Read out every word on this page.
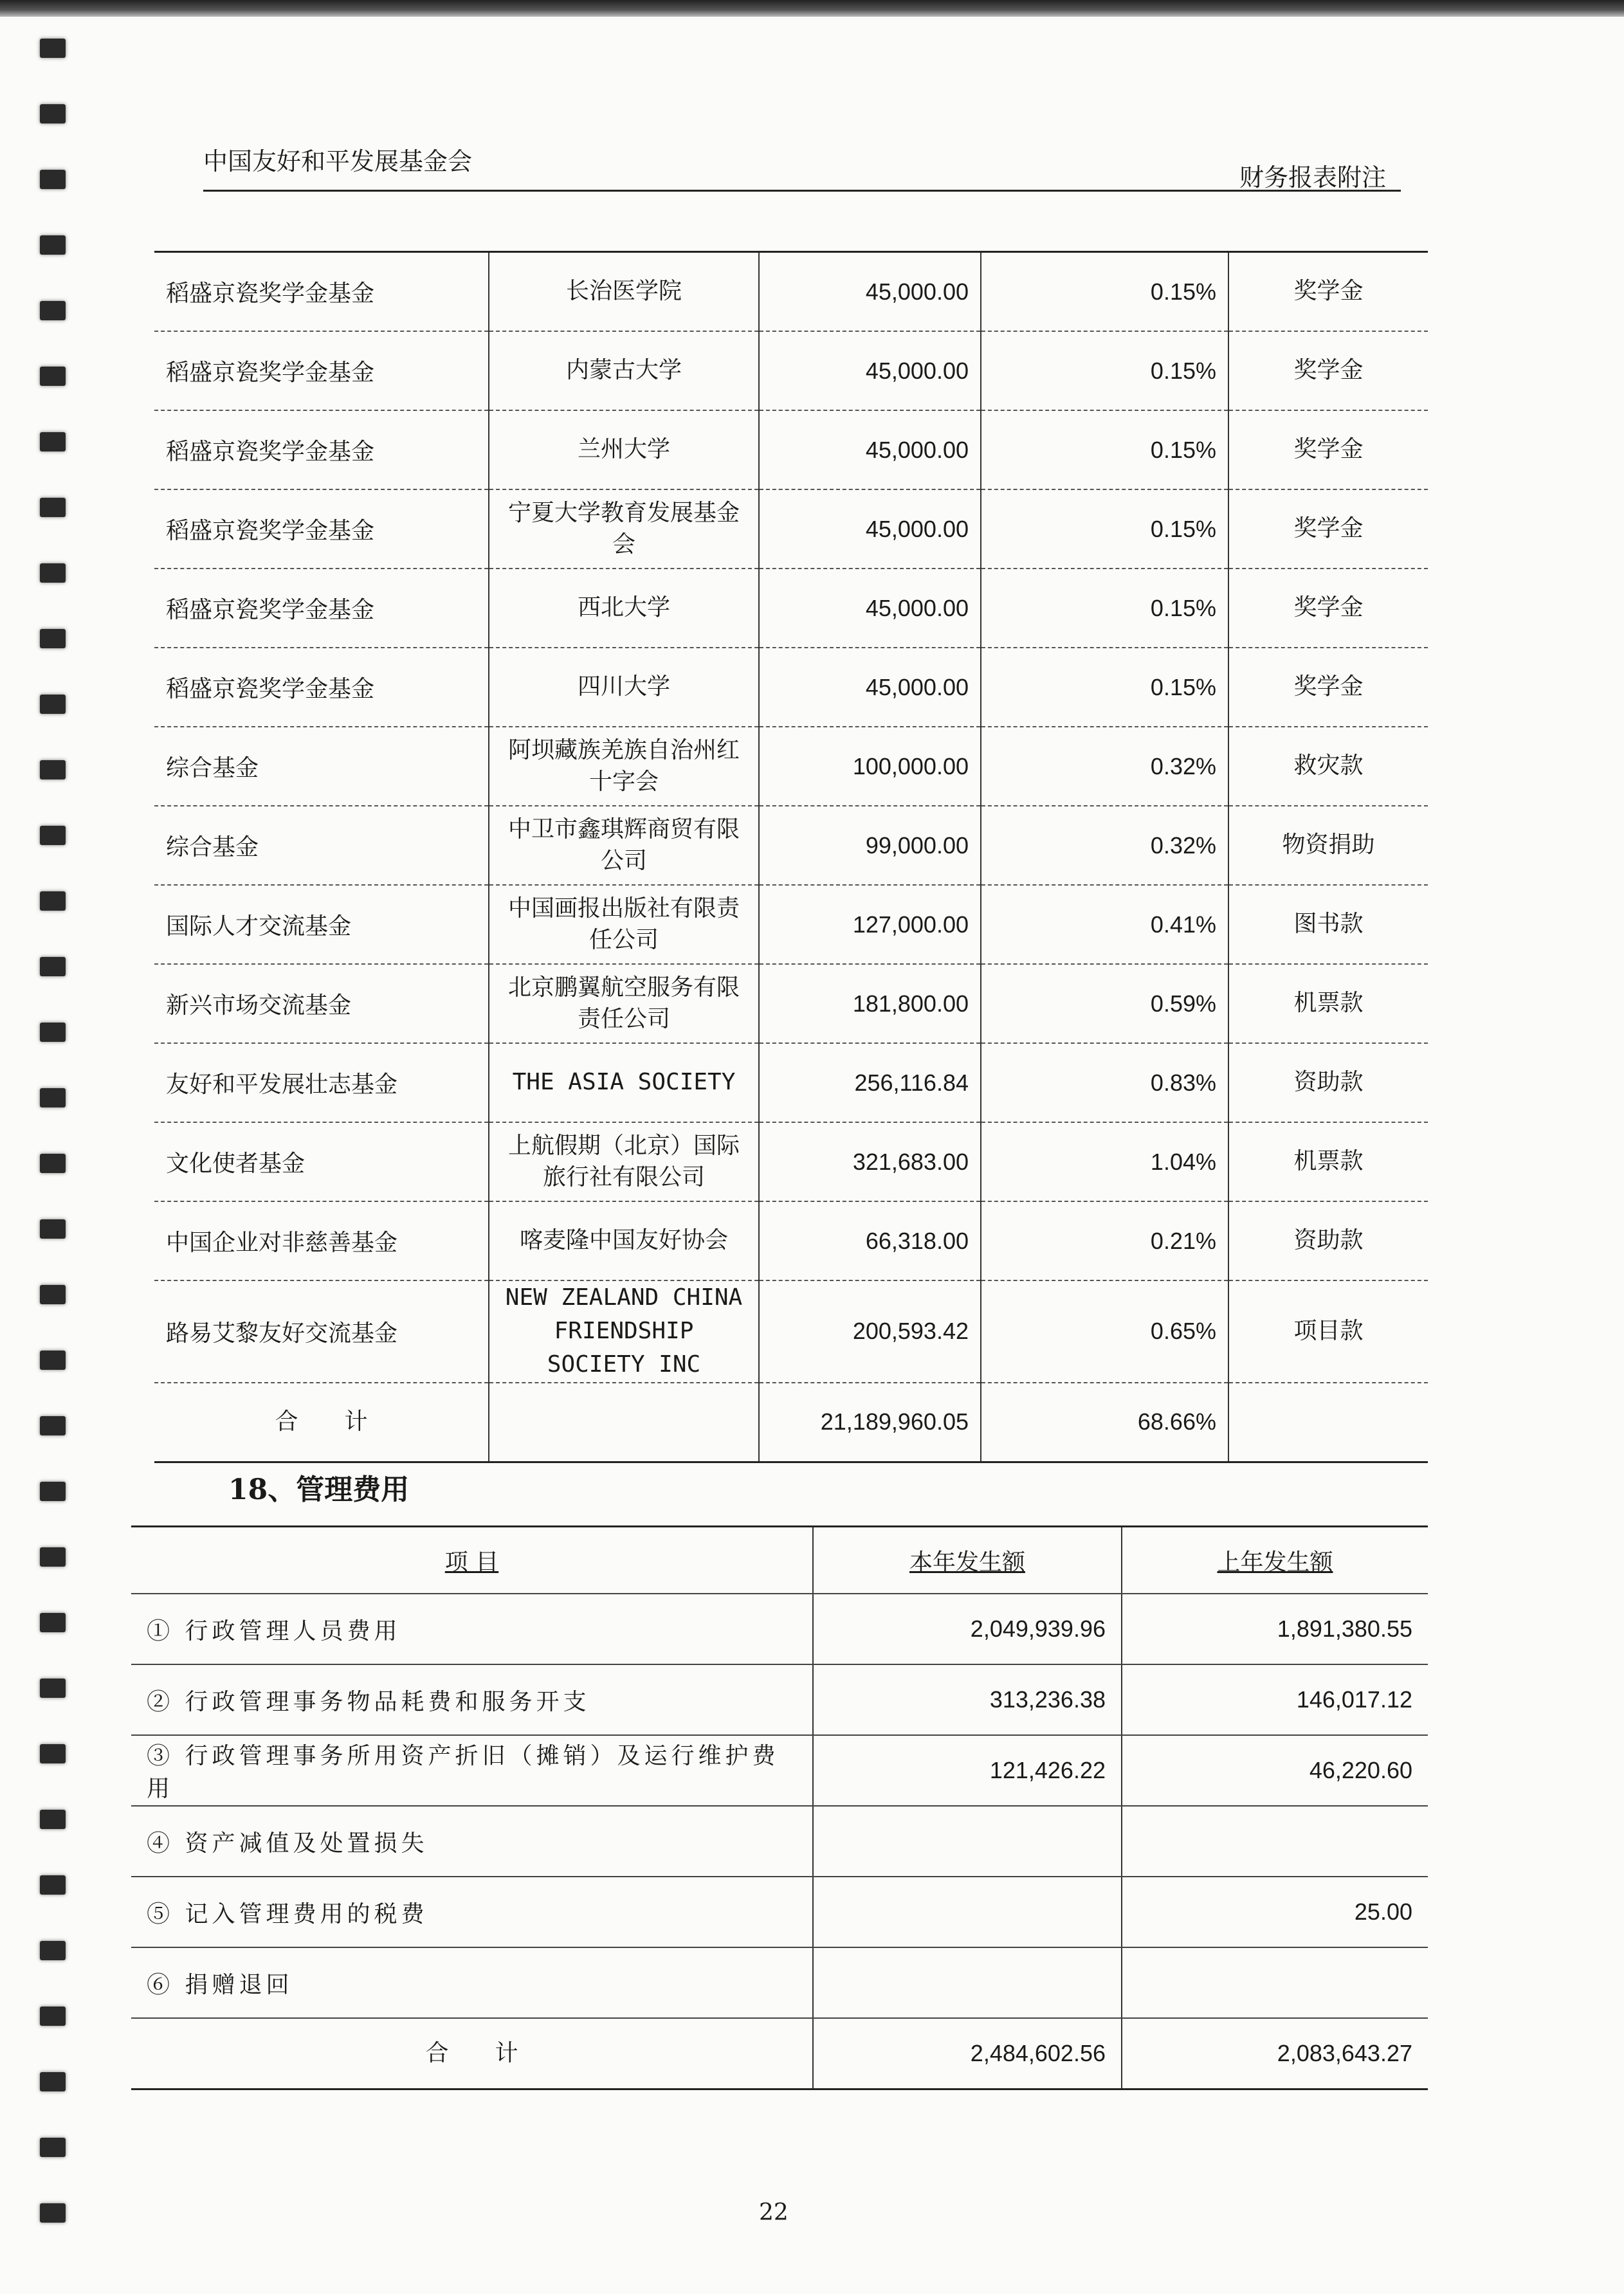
中国友好和平发展基金会
财务报表附注
稻盛京瓷奖学金基金	长治医学院	45,000.00	0.15%	奖学金
稻盛京瓷奖学金基金	内蒙古大学	45,000.00	0.15%	奖学金
稻盛京瓷奖学金基金	兰州大学	45,000.00	0.15%	奖学金
稻盛京瓷奖学金基金	宁夏大学教育发展基金会	45,000.00	0.15%	奖学金
稻盛京瓷奖学金基金	西北大学	45,000.00	0.15%	奖学金
稻盛京瓷奖学金基金	四川大学	45,000.00	0.15%	奖学金
综合基金	阿坝藏族羌族自治州红十字会	100,000.00	0.32%	救灾款
综合基金	中卫市鑫琪辉商贸有限公司	99,000.00	0.32%	物资捐助
国际人才交流基金	中国画报出版社有限责任公司	127,000.00	0.41%	图书款
新兴市场交流基金	北京鹏翼航空服务有限责任公司	181,800.00	0.59%	机票款
友好和平发展壮志基金	THE ASIA SOCIETY	256,116.84	0.83%	资助款
文化使者基金	上航假期（北京）国际旅行社有限公司	321,683.00	1.04%	机票款
中国企业对非慈善基金	喀麦隆中国友好协会	66,318.00	0.21%	资助款
路易艾黎友好交流基金	NEW ZEALAND CHINA FRIENDSHIP SOCIETY INC	200,593.42	0.65%	项目款
合　　计		21,189,960.05	68.66%	
18、管理费用
项 目	本年发生额	上年发生额
① 行政管理人员费用	2,049,939.96	1,891,380.55
② 行政管理事务物品耗费和服务开支	313,236.38	146,017.12
③ 行政管理事务所用资产折旧（摊销）及运行维护费用	121,426.22	46,220.60
④ 资产减值及处置损失		
⑤ 记入管理费用的税费		25.00
⑥ 捐赠退回		
合　　计	2,484,602.56	2,083,643.27
22
